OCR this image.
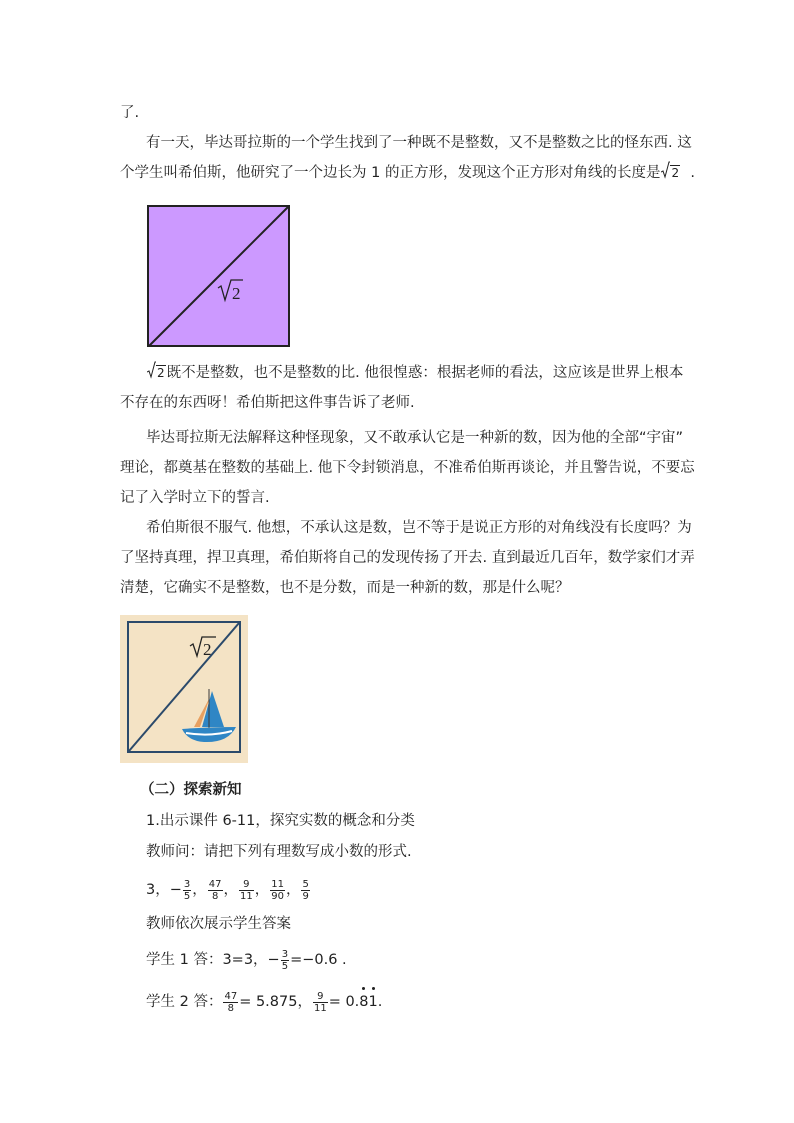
了.
有一天，毕达哥拉斯的一个学生找到了一种既不是整数，又不是整数之比的怪东西. 这
个学生叫希伯斯，他研究了一个边长为 1 的正方形，发现这个正方形对角线的长度是 2 .
2
2 既不是整数，也不是整数的比. 他很惶惑：根据老师的看法，这应该是世界上根本
不存在的东西呀！希伯斯把这件事告诉了老师.
毕达哥拉斯无法解释这种怪现象，又不敢承认它是一种新的数，因为他的全部“宇宙”
理论，都奠基在整数的基础上. 他下令封锁消息，不准希伯斯再谈论，并且警告说，不要忘
记了入学时立下的誓言.
希伯斯很不服气. 他想，不承认这是数，岂不等于是说正方形的对角线没有长度吗？为
了坚持真理，捍卫真理，希伯斯将自己的发现传扬了开去. 直到最近几百年，数学家们才弄
清楚，它确实不是整数，也不是分数，而是一种新的数，那是什么呢？
2
（二）探索新知
1.出示课件 6-11，探究实数的概念和分类
教师问：请把下列有理数写成小数的形式.
3，− $\frac{3}{5}$ ， $\frac{47}{8}$ ， $\frac{9}{11}$ ， $\frac{11}{90}$ ， $\frac{5}{9}$
教师依次展示学生答案
学生 1 答：3=3，− $\frac{3}{5} =-0.6$ .
学生 2 答： $\frac{47}{8} = 5.875$， $\frac{9}{11} = 0.81$.
